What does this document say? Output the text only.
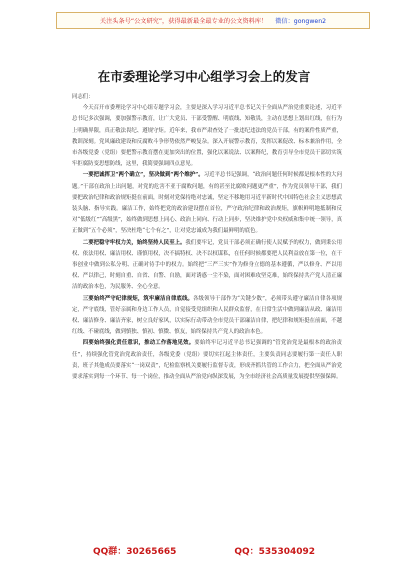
关注头条号“公文研究”，获得最新最全最专业的公文资料库！ 微信：gongwen2
在市委理论学习中心组学习会上的发言

同志们：

今天召开市委理论学习中心组专题学习会，主要是深入学习习近平总书记关于全面从严治党重要论述，习近平总书记多次强调，要加强警示教育，让广大党员、干部受警醒、明底线、知敬畏，主动在思想上划出红线，在行为上明确界限，真正敬法畏纪、遵规守矩。近年来，我市严肃查处了一批违纪违法的党员干部，有的案件性质严重，教训深刻。党风廉政建设和反腐败斗争形势依然严峻复杂。深入开展警示教育，发挥以案促改、标本兼治作用，全市各级党委（党组）要把警示教育摆在更加突出的位置，强化以案说法、以案释纪，教育引导全市党员干部切实筑牢拒腐防变思想防线，这里，我简要强调四点意见。

一要把诚挥卫“两个确立”，坚决做到“两个维护”。习近平总书记强调，“政治问题任何时候都是根本性的大问题。”干部在政治上出问题，对党的危害不亚于腐败问题，有的甚至比腐败问题更严重”，作为党员领导干部，我们要把政治纪律和政治规矩挺在前面，时刻对党保持绝对忠诚，坚定不移地用习近平新时代中国特色社会主义思想武装头脑、指导实践。廉洁工作，始终把党的政治建设摆在首位，严守政治纪律和政治规矩，旗帜鲜明地抵制和反对“低级红”“高级黑”，始终做到思想上同心、政治上同向、行动上同步，坚决维护党中央权威和集中统一领导，真正做到“五个必须”，坚决杜绝“七个有之”，让对党忠诚成为我们最鲜明的底色。

二要把稳守牢权力关，始终坚持人民至上。我们要牢记，党员干部必须正确行使人民赋予的权力，做到秉公用权、依法用权、廉洁用权、谨慎用权，决不搞特权、决不以权谋私，在任何时候都要把人民利益放在第一位，在干事创业中做到公私分明、正确对待手中的权力。始终把“三严三实”作为修身立德的基本遵循，严以修身、严以用权、严以律己，时刻自重、自省、自警、自励，面对诱惑一尘不染，面对困难攻坚克难，始终保持共产党人清正廉洁的政治本色，为民服务、全心全意。

三要始终严守纪律规矩，筑牢廉洁自律底线。各级领导干部作为“关键少数”，必须带头遵守廉洁自律各项规定，严守底线，管好亲属和身边工作人员，自觉接受党组织和人民群众监督，在日常生活中做到廉洁从政、廉洁用权、廉洁修身、廉洁齐家，树立良好家风，以实际行动带动全市党员干部廉洁自律，把纪律和规矩挺在前面，不越红线、不碰底线，做到慎独、慎初、慎微、慎友，始终保持共产党人的政治本色。

四要始终强化责任意识，推动工作落地见效。要始终牢记习近平总书记强调的“管党治党是最根本的政治责任”，持续强化管党治党政治责任，各级党委（党组）要切实扛起主体责任，主要负责同志要履行第一责任人职责，班子其他成员要落实“一岗双责”，纪检监察机关要履行监督专责，形成齐抓共管的工作合力，把全面从严治党要求落实到每一个环节、每一个岗位，推动全面从严治党向纵深发展，为全市经济社会高质量发展提供坚强保障。

QQ群：30265665	QQ：535304092
